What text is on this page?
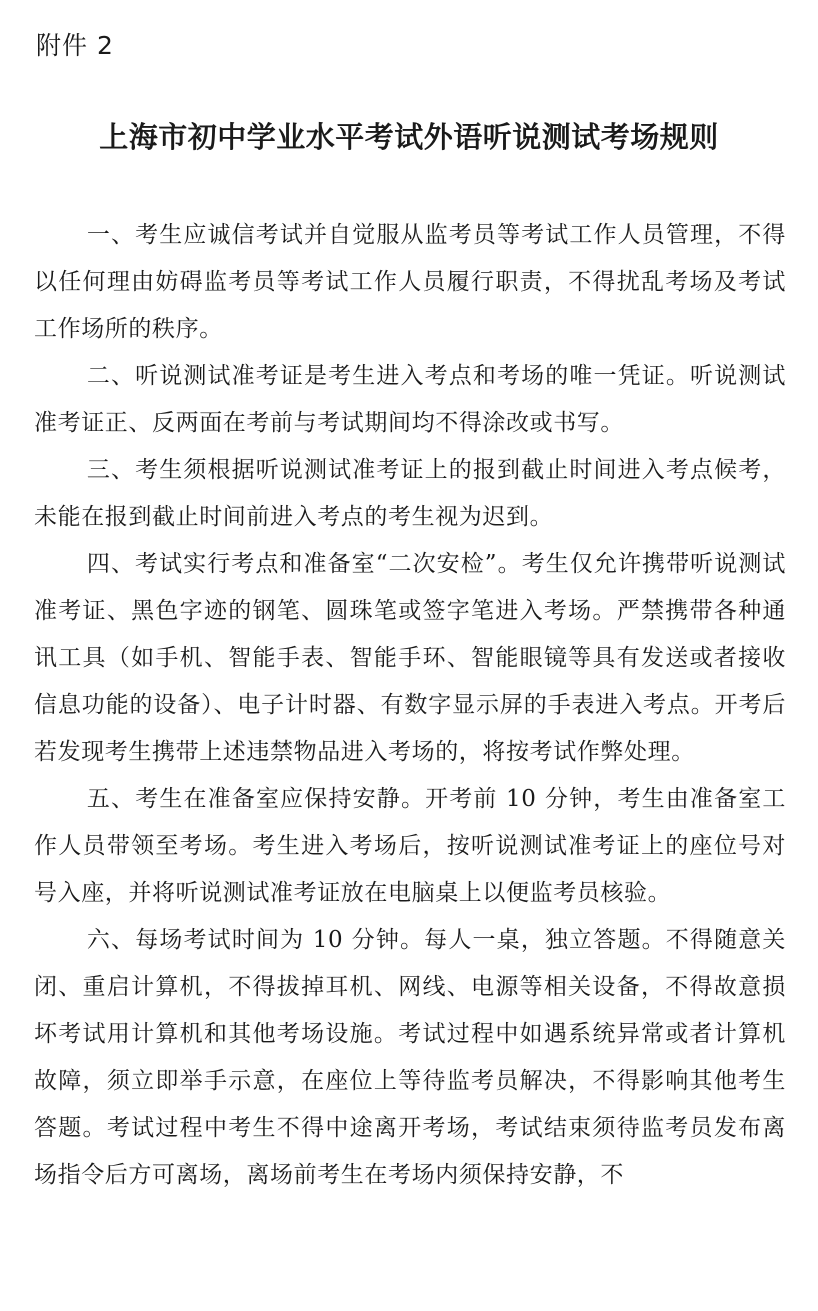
附件 2

上海市初中学业水平考试外语听说测试考场规则

一、考生应诚信考试并自觉服从监考员等考试工作人员管理，不得以任何理由妨碍监考员等考试工作人员履行职责，不得扰乱考场及考试工作场所的秩序。

二、听说测试准考证是考生进入考点和考场的唯一凭证。听说测试准考证正、反两面在考前与考试期间均不得涂改或书写。

三、考生须根据听说测试准考证上的报到截止时间进入考点候考，未能在报到截止时间前进入考点的考生视为迟到。

四、考试实行考点和准备室“二次安检”。考生仅允许携带听说测试准考证、黑色字迹的钢笔、圆珠笔或签字笔进入考场。严禁携带各种通讯工具（如手机、智能手表、智能手环、智能眼镜等具有发送或者接收信息功能的设备）、电子计时器、有数字显示屏的手表进入考点。开考后若发现考生携带上述违禁物品进入考场的，将按考试作弊处理。

五、考生在准备室应保持安静。开考前 10 分钟，考生由准备室工作人员带领至考场。考生进入考场后，按听说测试准考证上的座位号对号入座，并将听说测试准考证放在电脑桌上以便监考员核验。

六、每场考试时间为 10 分钟。每人一桌，独立答题。不得随意关闭、重启计算机，不得拔掉耳机、网线、电源等相关设备，不得故意损坏考试用计算机和其他考场设施。考试过程中如遇系统异常或者计算机故障，须立即举手示意，在座位上等待监考员解决，不得影响其他考生答题。考试过程中考生不得中途离开考场，考试结束须待监考员发布离场指令后方可离场，离场前考生在考场内须保持安静，不
